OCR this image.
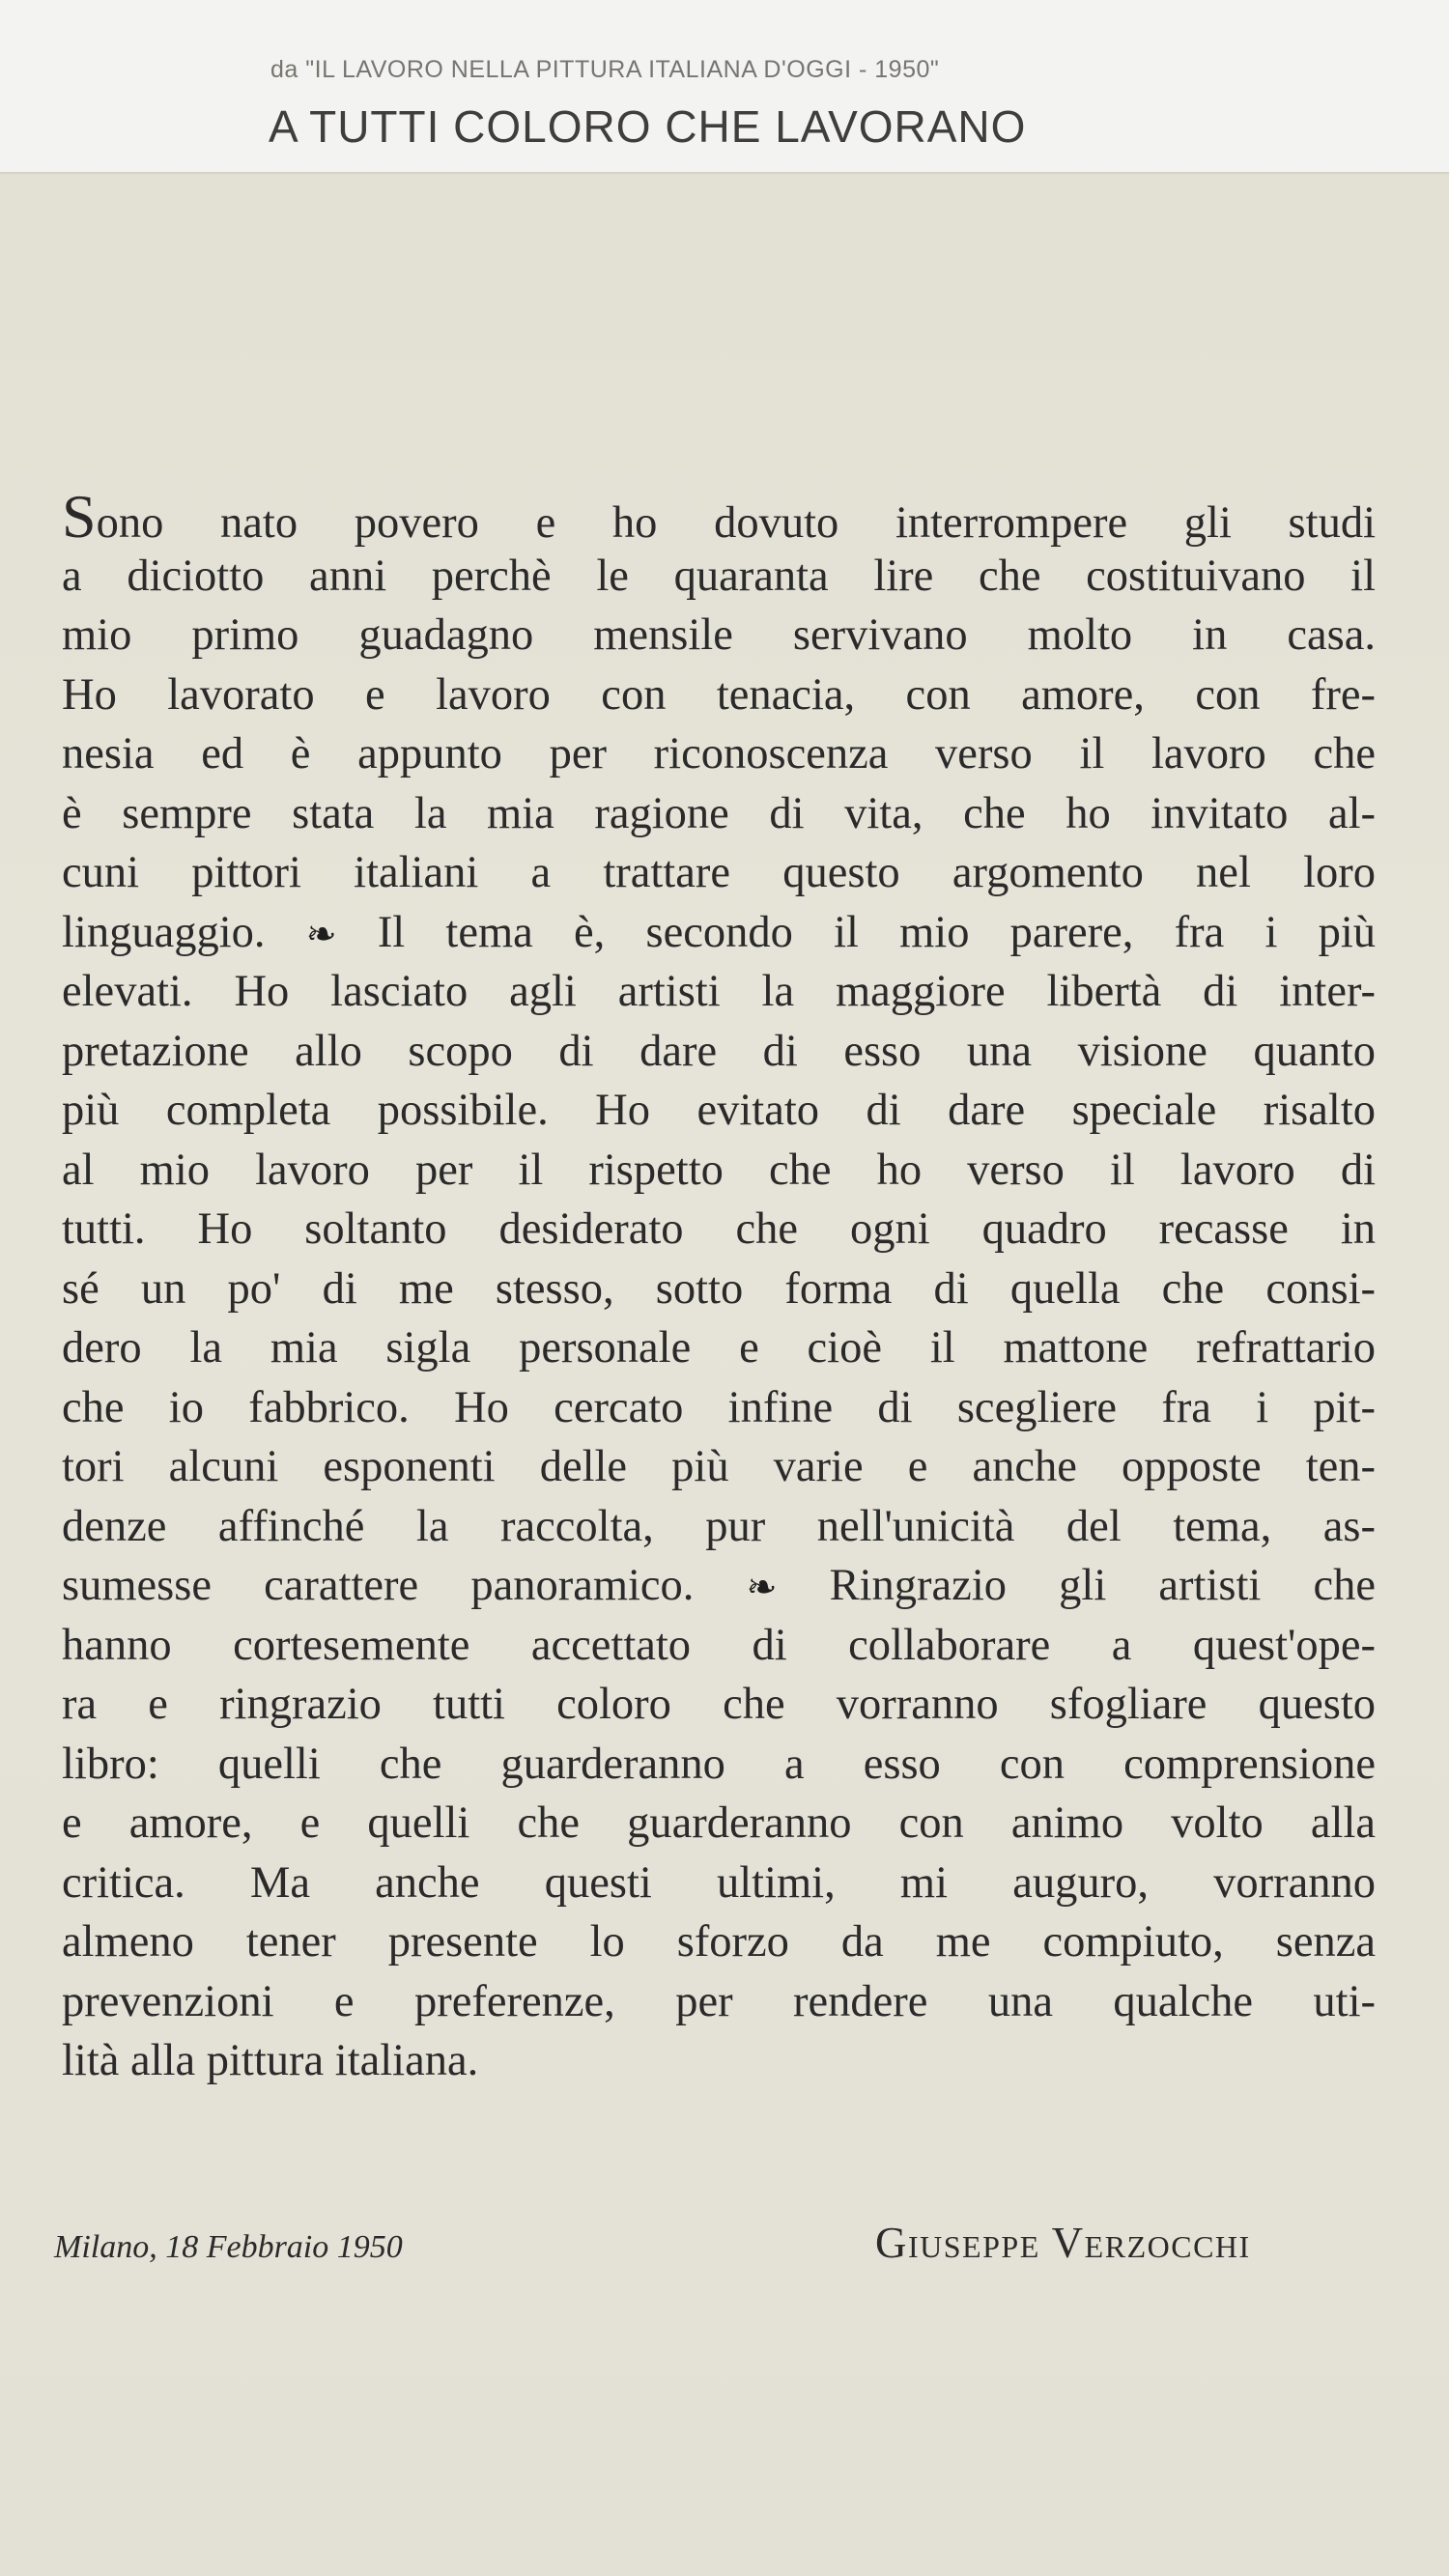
da "IL LAVORO NELLA PITTURA ITALIANA D'OGGI - 1950"
A TUTTI COLORO CHE LAVORANO
Sono nato povero e ho dovuto interrompere gli studi
a diciotto anni perchè le quaranta lire che costituivano il
mio primo guadagno mensile servivano molto in casa.
Ho lavorato e lavoro con tenacia, con amore, con fre-
nesia ed è appunto per riconoscenza verso il lavoro che
è sempre stata la mia ragione di vita, che ho invitato al-
cuni pittori italiani a trattare questo argomento nel loro
linguaggio. ❧ Il tema è, secondo il mio parere, fra i più
elevati. Ho lasciato agli artisti la maggiore libertà di inter-
pretazione allo scopo di dare di esso una visione quanto
più completa possibile. Ho evitato di dare speciale risalto
al mio lavoro per il rispetto che ho verso il lavoro di
tutti. Ho soltanto desiderato che ogni quadro recasse in
sé un po' di me stesso, sotto forma di quella che consi-
dero la mia sigla personale e cioè il mattone refrattario
che io fabbrico. Ho cercato infine di scegliere fra i pit-
tori alcuni esponenti delle più varie e anche opposte ten-
denze affinché la raccolta, pur nell'unicità del tema, as-
sumesse carattere panoramico. ❧ Ringrazio gli artisti che
hanno cortesemente accettato di collaborare a quest'ope-
ra e ringrazio tutti coloro che vorranno sfogliare questo
libro: quelli che guarderanno a esso con comprensione
e amore, e quelli che guarderanno con animo volto alla
critica. Ma anche questi ultimi, mi auguro, vorranno
almeno tener presente lo sforzo da me compiuto, senza
prevenzioni e preferenze, per rendere una qualche uti-
lità alla pittura italiana.
Milano, 18 Febbraio 1950	Giuseppe Verzocchi
